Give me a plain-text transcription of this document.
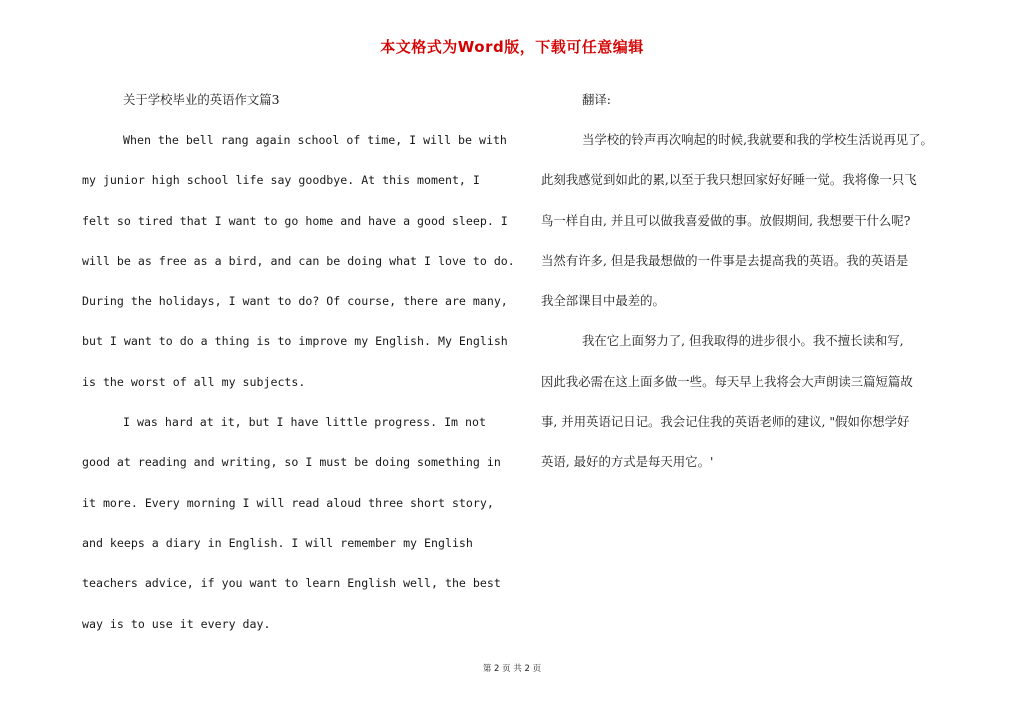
本文格式为Word版，下载可任意编辑
关于学校毕业的英语作文篇3
When the bell rang again school of time, I will be with
my junior high school life say goodbye. At this moment, I
felt so tired that I want to go home and have a good sleep. I
will be as free as a bird, and can be doing what I love to do.
During the holidays, I want to do? Of course, there are many,
but I want to do a thing is to improve my English. My English
is the worst of all my subjects.
I was hard at it, but I have little progress. Im not
good at reading and writing, so I must be doing something in
it more. Every morning I will read aloud three short story,
and keeps a diary in English. I will remember my English
teachers advice, if you want to learn English well, the best
way is to use it every day.
翻译:
当学校的铃声再次响起的时候,我就要和我的学校生活说再见了。
此刻我感觉到如此的累,以至于我只想回家好好睡一觉。我将像一只飞
鸟一样自由, 并且可以做我喜爱做的事。放假期间, 我想要干什么呢?
当然有许多, 但是我最想做的一件事是去提高我的英语。我的英语是
我全部课目中最差的。
我在它上面努力了, 但我取得的进步很小。我不擅长读和写,
因此我必需在这上面多做一些。每天早上我将会大声朗读三篇短篇故
事, 并用英语记日记。我会记住我的英语老师的建议, "假如你想学好
英语, 最好的方式是每天用它。'
第 2 页 共 2 页
